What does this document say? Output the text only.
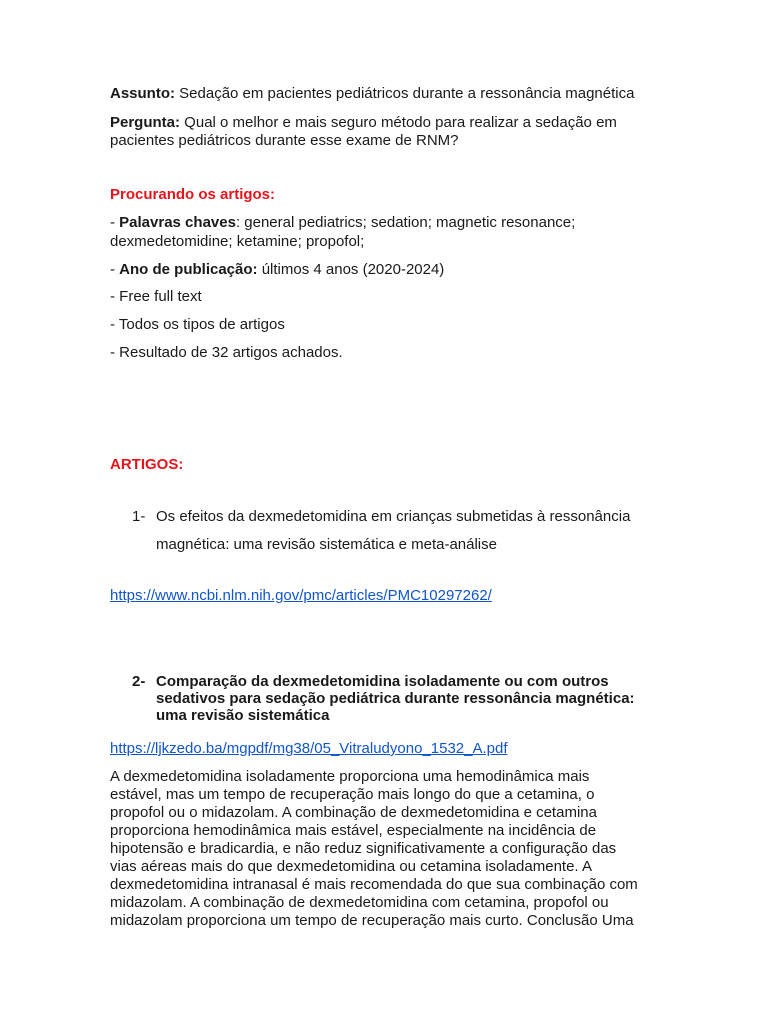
Assunto: Sedação em pacientes pediátricos durante a ressonância magnética
Pergunta: Qual o melhor e mais seguro método para realizar a sedação em
pacientes pediátricos durante esse exame de RNM?
Procurando os artigos:
- Palavras chaves: general pediatrics; sedation; magnetic resonance;
dexmedetomidine; ketamine; propofol;
- Ano de publicação: últimos 4 anos (2020-2024)
- Free full text
- Todos os tipos de artigos
- Resultado de 32 artigos achados.
ARTIGOS:
1- Os efeitos da dexmedetomidina em crianças submetidas à ressonância
magnética: uma revisão sistemática e meta-análise
https://www.ncbi.nlm.nih.gov/pmc/articles/PMC10297262/
2- Comparação da dexmedetomidina isoladamente ou com outros
sedativos para sedação pediátrica durante ressonância magnética:
uma revisão sistemática
https://ljkzedo.ba/mgpdf/mg38/05_Vitraludyono_1532_A.pdf
A dexmedetomidina isoladamente proporciona uma hemodinâmica mais
estável, mas um tempo de recuperação mais longo do que a cetamina, o
propofol ou o midazolam. A combinação de dexmedetomidina e cetamina
proporciona hemodinâmica mais estável, especialmente na incidência de
hipotensão e bradicardia, e não reduz significativamente a configuração das
vias aéreas mais do que dexmedetomidina ou cetamina isoladamente. A
dexmedetomidina intranasal é mais recomendada do que sua combinação com
midazolam. A combinação de dexmedetomidina com cetamina, propofol ou
midazolam proporciona um tempo de recuperação mais curto. Conclusão Uma
